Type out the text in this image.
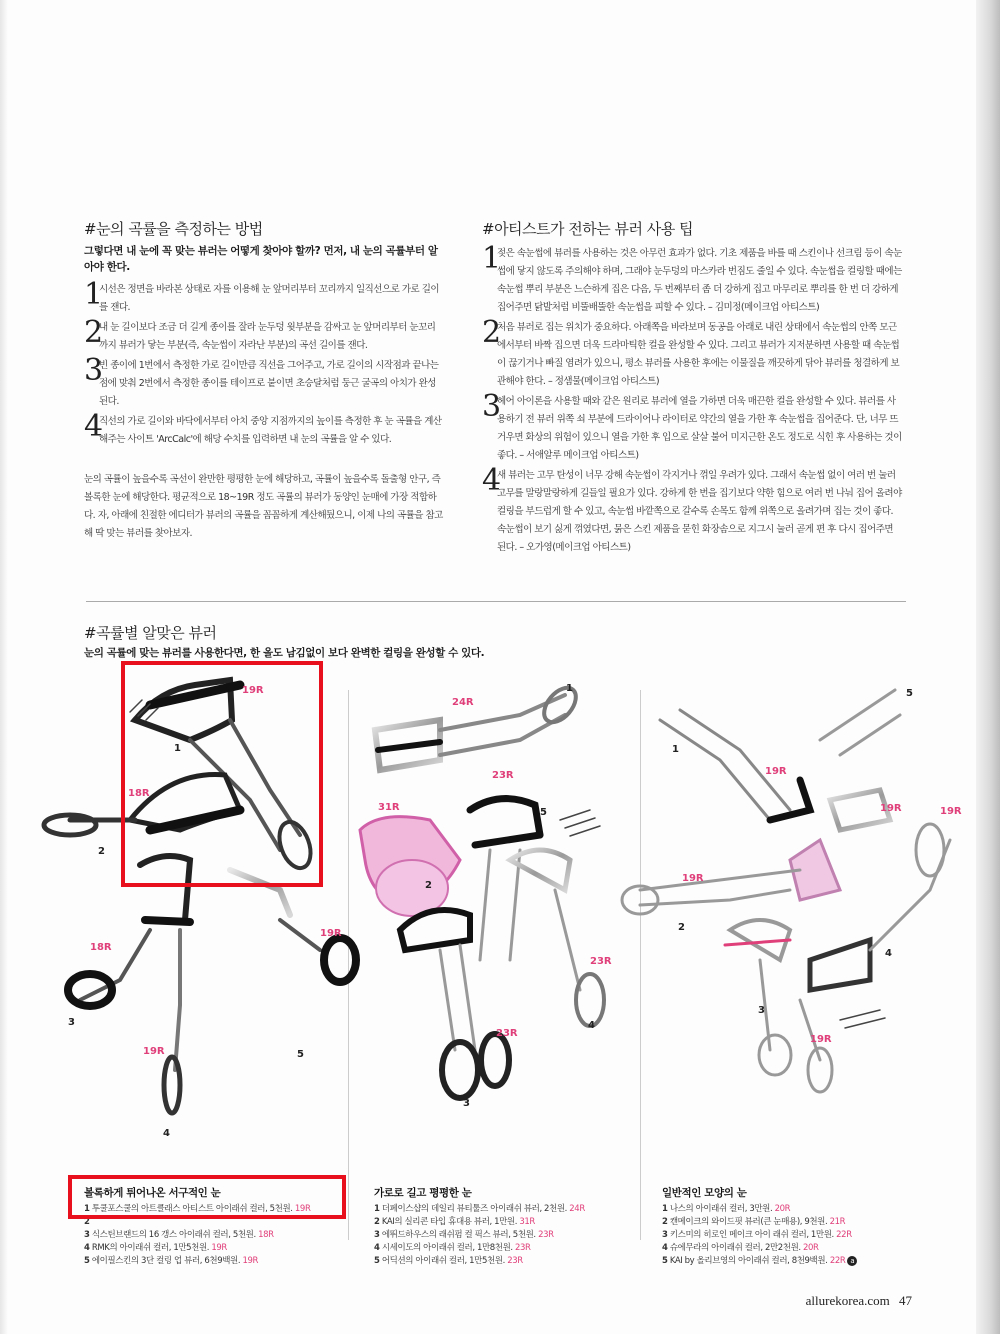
#눈의 곡률을 측정하는 방법
그렇다면 내 눈에 꼭 맞는 뷰러는 어떻게 찾아야 할까? 먼저, 내 눈의 곡률부터 알아야 한다.
1
시선은 정면을 바라본 상태로 자를 이용해 눈 앞머리부터 꼬리까지 일직선으로 가로 길이를 잰다.
2
내 눈 길이보다 조금 더 길게 종이를 잘라 눈두덩 윗부분을 감싸고 눈 앞머리부터 눈꼬리까지 뷰러가 닿는 부분(즉, 속눈썹이 자라난 부분)의 곡선 길이를 잰다.
3
빈 종이에 1번에서 측정한 가로 길이만큼 직선을 그어주고, 가로 길이의 시작점과 끝나는 점에 맞춰 2번에서 측정한 종이를 테이프로 붙이면 초승달처럼 둥근 굴곡의 아치가 완성된다.
4
직선의 가로 길이와 바닥에서부터 아치 중앙 지점까지의 높이를 측정한 후 눈 곡률을 계산해주는 사이트 'ArcCalc'에 해당 수치를 입력하면 내 눈의 곡률을 알 수 있다.
눈의 곡률이 높을수록 곡선이 완만한 평평한 눈에 해당하고, 곡률이 높을수록 돌출형 안구, 즉 볼록한 눈에 해당한다. 평균적으로 18~19R 정도 곡률의 뷰러가 동양인 눈매에 가장 적합하다. 자, 아래에 친절한 에디터가 뷰러의 곡률을 꼼꼼하게 계산해뒀으니, 이제 나의 곡률을 참고해 딱 맞는 뷰러를 찾아보자.
#아티스트가 전하는 뷰러 사용 팁
1
젖은 속눈썹에 뷰러를 사용하는 것은 아무런 효과가 없다. 기초 제품을 바를 때 스킨이나 선크림 등이 속눈썹에 닿지 않도록 주의해야 하며, 그래야 눈두덩의 마스카라 번짐도 줄일 수 있다. 속눈썹을 컬링할 때에는 속눈썹 뿌리 부분은 느슨하게 집은 다음, 두 번째부터 좀 더 강하게 집고 마무리로 뿌리를 한 번 더 강하게 집어주면 닭발처럼 비뚤배뚤한 속눈썹을 피할 수 있다. – 김미정(메이크업 아티스트)
2
처음 뷰러로 집는 위치가 중요하다. 아래쪽을 바라보며 동공을 아래로 내린 상태에서 속눈썹의 안쪽 모근에서부터 바짝 집으면 더욱 드라마틱한 컬을 완성할 수 있다. 그리고 뷰러가 지저분하면 사용할 때 속눈썹이 끊기거나 빠질 염려가 있으니, 평소 뷰러를 사용한 후에는 이물질을 깨끗하게 닦아 뷰러를 청결하게 보관해야 한다. – 정샘물(메이크업 아티스트)
3
헤어 아이론을 사용할 때와 같은 원리로 뷰러에 열을 가하면 더욱 매끈한 컬을 완성할 수 있다. 뷰러를 사용하기 전 뷰러 위쪽 쇠 부분에 드라이어나 라이터로 약간의 열을 가한 후 속눈썹을 집어준다. 단, 너무 뜨거우면 화상의 위험이 있으니 열을 가한 후 입으로 살살 불어 미지근한 온도 정도로 식힌 후 사용하는 것이 좋다. – 서애알루 메이크업 아티스트)
4
새 뷰러는 고무 탄성이 너무 강해 속눈썹이 각지거나 꺾일 우려가 있다. 그래서 속눈썹 없이 여러 번 눌러 고무를 말랑말랑하게 길들일 필요가 있다. 강하게 한 번을 집기보다 약한 힘으로 여러 번 나눠 집어 올려야 컬링을 부드럽게 할 수 있고, 속눈썹 바깥쪽으로 갈수록 손목도 함께 위쪽으로 올려가며 집는 것이 좋다. 속눈썹이 보기 싫게 꺾였다면, 묽은 스킨 제품을 묻힌 화장솜으로 지그시 눌러 곧게 편 후 다시 집어주면 된다. – 오가영(메이크업 아티스트)
#곡률별 알맞은 뷰러
눈의 곡률에 맞는 뷰러를 사용한다면, 한 올도 남김없이 보다 완벽한 컬링을 완성할 수 있다.
19R
18R
18R
19R
19R
24R
23R
31R
23R
23R
19R
19R	19R
19R
19R
1
2
3
4
5
1
2
3
4
5
1
2
3
4
5
볼록하게 튀어나온 서구적인 눈
1 투쿨포스쿨의 아트클래스 아티스트 아이래쉬 컬러, 5천원. 19R
2
3 식스틴브랜드의 16 갱스 아이래쉬 컬러, 5천원. 18R
4 RMK의 아이래쉬 컬러, 1만5천원. 19R
5 에이필스킨의 3단 컬링 업 뷰러, 6천9백원. 19R
가로로 길고 평평한 눈
1 더페이스샵의 데일리 뷰티툴즈 아이래쉬 뷰러, 2천원. 24R
2 KAI의 실리콘 타입 휴대용 뷰러, 1만원. 31R
3 에뛰드하우스의 래쉬펌 컬 픽스 뷰러, 5천원. 23R
4 시세이도의 아이래쉬 컬러, 1만8천원. 23R
5 어딕션의 아이래쉬 컬러, 1만5천원. 23R
일반적인 모양의 눈
1 나스의 아이래쉬 컬러, 3만원. 20R
2 캔메이크의 와이드핏 뷰러(큰 눈매용), 9천원. 21R
3 키스미의 히로인 메이크 아이 래쉬 컬러, 1만원. 22R
4 슈에무라의 아이래쉬 컬러, 2만2천원. 20R
5 KAI by 올리브영의 아이래쉬 컬러, 8천9백원. 22R a
allurekorea.com 47
